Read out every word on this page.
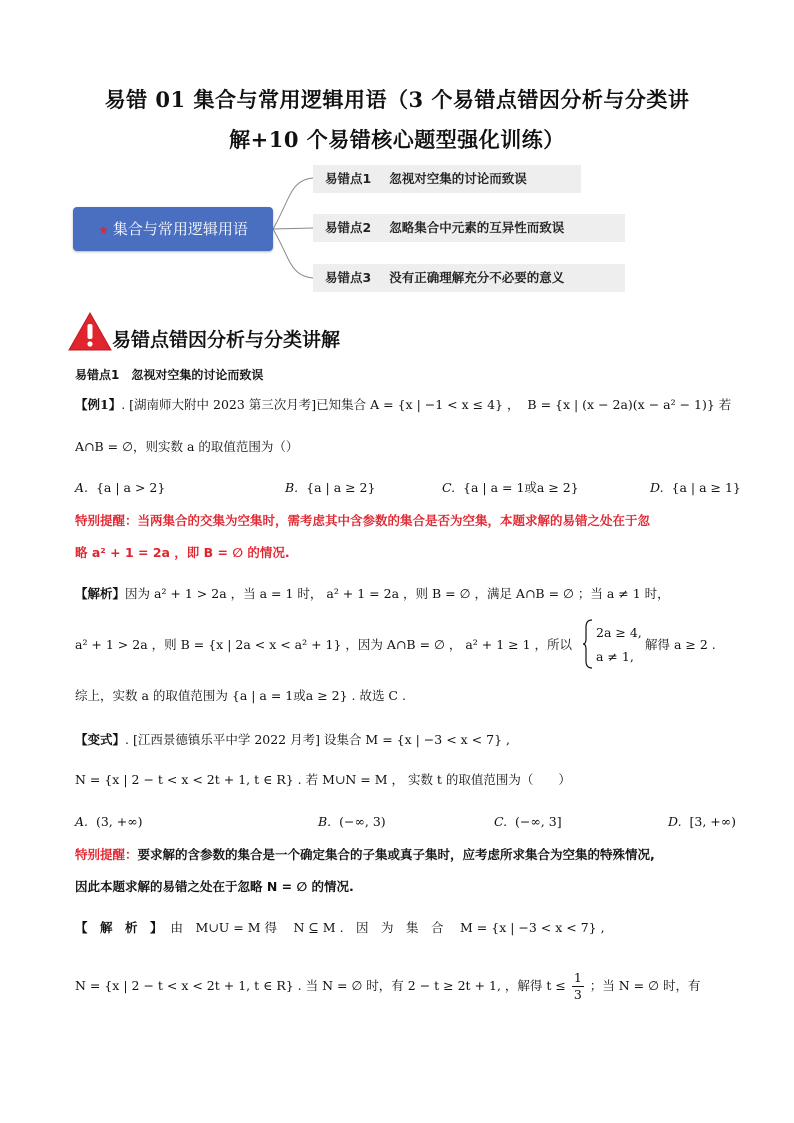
易错 01 集合与常用逻辑用语（3 个易错点错因分析与分类讲
解+10 个易错核心题型强化训练）
★ 集合与常用逻辑用语
易错点1 忽视对空集的讨论而致误
易错点2 忽略集合中元素的互异性而致误
易错点3 没有正确理解充分不必要的意义
易错点错因分析与分类讲解
易错点1　忽视对空集的讨论而致误
【例1】. [湖南师大附中 2023 第三次月考]已知集合 A = {x | −1 < x ≤ 4} ， B = {x | (x − 2a)(x − a² − 1)} 若
A∩B = ∅，则实数 a 的取值范围为（）
A. {a | a > 2}	B. {a | a ≥ 2}	C. {a | a = 1或a ≥ 2}	D. {a | a ≥ 1}
特别提醒：当两集合的交集为空集时，需考虑其中含参数的集合是否为空集，本题求解的易错之处在于忽
略 a² + 1 = 2a ，即 B = ∅ 的情况.
【解析】因为 a² + 1 > 2a ，当 a = 1 时， a² + 1 = 2a ，则 B = ∅ ，满足 A∩B = ∅ ；当 a ≠ 1 时，
a² + 1 > 2a ，则 B = {x | 2a < x < a² + 1} ，因为 A∩B = ∅ ， a² + 1 ≥ 1 ，所以
2a ≥ 4,
a ≠ 1,
解得 a ≥ 2 .
综上，实数 a 的取值范围为 {a | a = 1或a ≥ 2} . 故选 C .
【变式】. [江西景德镇乐平中学 2022 月考] 设集合 M = {x | −3 < x < 7} ,
N = {x | 2 − t < x < 2t + 1, t ∈ R} . 若 M∪N = M ， 实数 t 的取值范围为（　　）
A. (3, +∞)	B. (−∞, 3)	C. (−∞, 3]	D. [3, +∞)
特别提醒：要求解的含参数的集合是一个确定集合的子集或真子集时，应考虑所求集合为空集的特殊情况,
因此本题求解的易错之处在于忽略 N = ∅ 的情况.
【　解　析　】 由　M∪U = M 得　 N ⊆ M .　因　为　集　合　 M = {x | −3 < x < 7} ,
N = {x | 2 − t < x < 2t + 1, t ∈ R} . 当 N = ∅ 时，有 2 − t ≥ 2t + 1, ，解得 $t \le \frac{1}{3}$ ；当 N = ∅ 时，有
